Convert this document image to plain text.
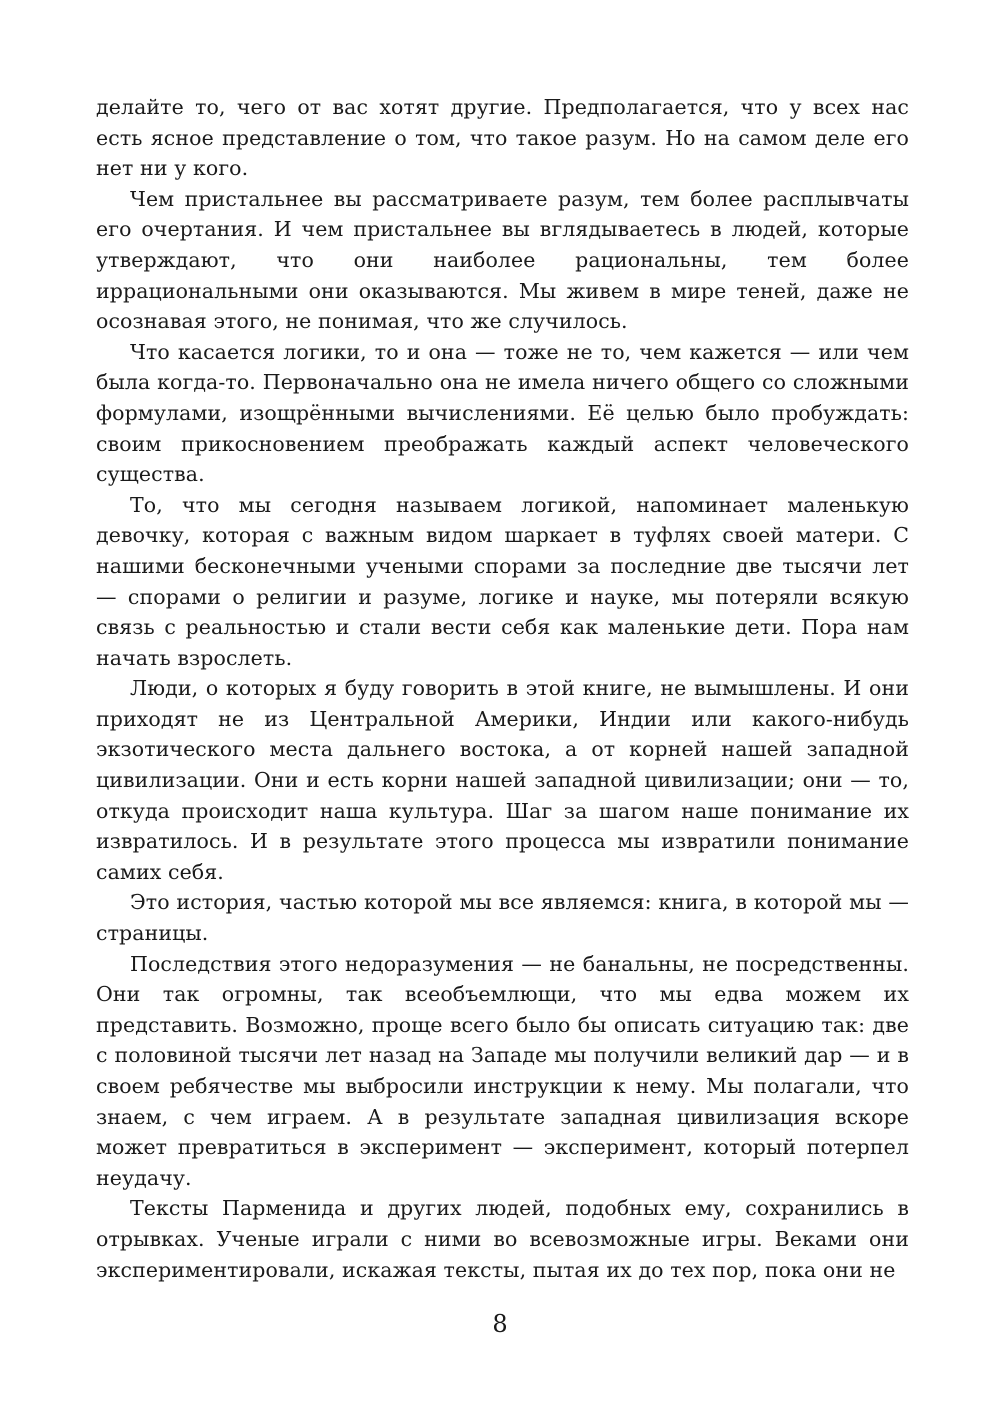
делайте то, чего от вас хотят другие. Предполагается, что у всех нас есть ясное представление о том, что такое разум. Но на самом деле его нет ни у кого.

Чем пристальнее вы рассматриваете разум, тем более расплывчаты его очертания. И чем пристальнее вы вглядываетесь в людей, которые утверждают, что они наиболее рациональны, тем более иррациональными они оказываются. Мы живем в мире теней, даже не осознавая этого, не понимая, что же случилось.

Что касается логики, то и она — тоже не то, чем кажется — или чем была когда-то. Первоначально она не имела ничего общего со сложными формулами, изощрёнными вычислениями. Её целью было пробуждать: своим прикосновением преображать каждый аспект человеческого существа.

То, что мы сегодня называем логикой, напоминает маленькую девочку, которая с важным видом шаркает в туфлях своей матери. С нашими бесконечными учеными спорами за последние две тысячи лет — спорами о религии и разуме, логике и науке, мы потеряли всякую связь с реальностью и стали вести себя как маленькие дети. Пора нам начать взрослеть.

Люди, о которых я буду говорить в этой книге, не вымышлены. И они приходят не из Центральной Америки, Индии или какого-нибудь экзотического места дальнего востока, а от корней нашей западной цивилизации. Они и есть корни нашей западной цивилизации; они — то, откуда происходит наша культура. Шаг за шагом наше понимание их извратилось. И в результате этого процесса мы извратили понимание самих себя.

Это история, частью которой мы все являемся: книга, в которой мы — страницы.

Последствия этого недоразумения — не банальны, не посредственны. Они так огромны, так всеобъемлющи, что мы едва можем их представить. Возможно, проще всего было бы описать ситуацию так: две с половиной тысячи лет назад на Западе мы получили великий дар — и в своем ребячестве мы выбросили инструкции к нему. Мы полагали, что знаем, с чем играем. А в результате западная цивилизация вскоре может превратиться в эксперимент — эксперимент, который потерпел неудачу.

Тексты Парменида и других людей, подобных ему, сохранились в отрывках. Ученые играли с ними во всевозможные игры. Веками они экспериментировали, искажая тексты, пытая их до тех пор, пока они не

8
